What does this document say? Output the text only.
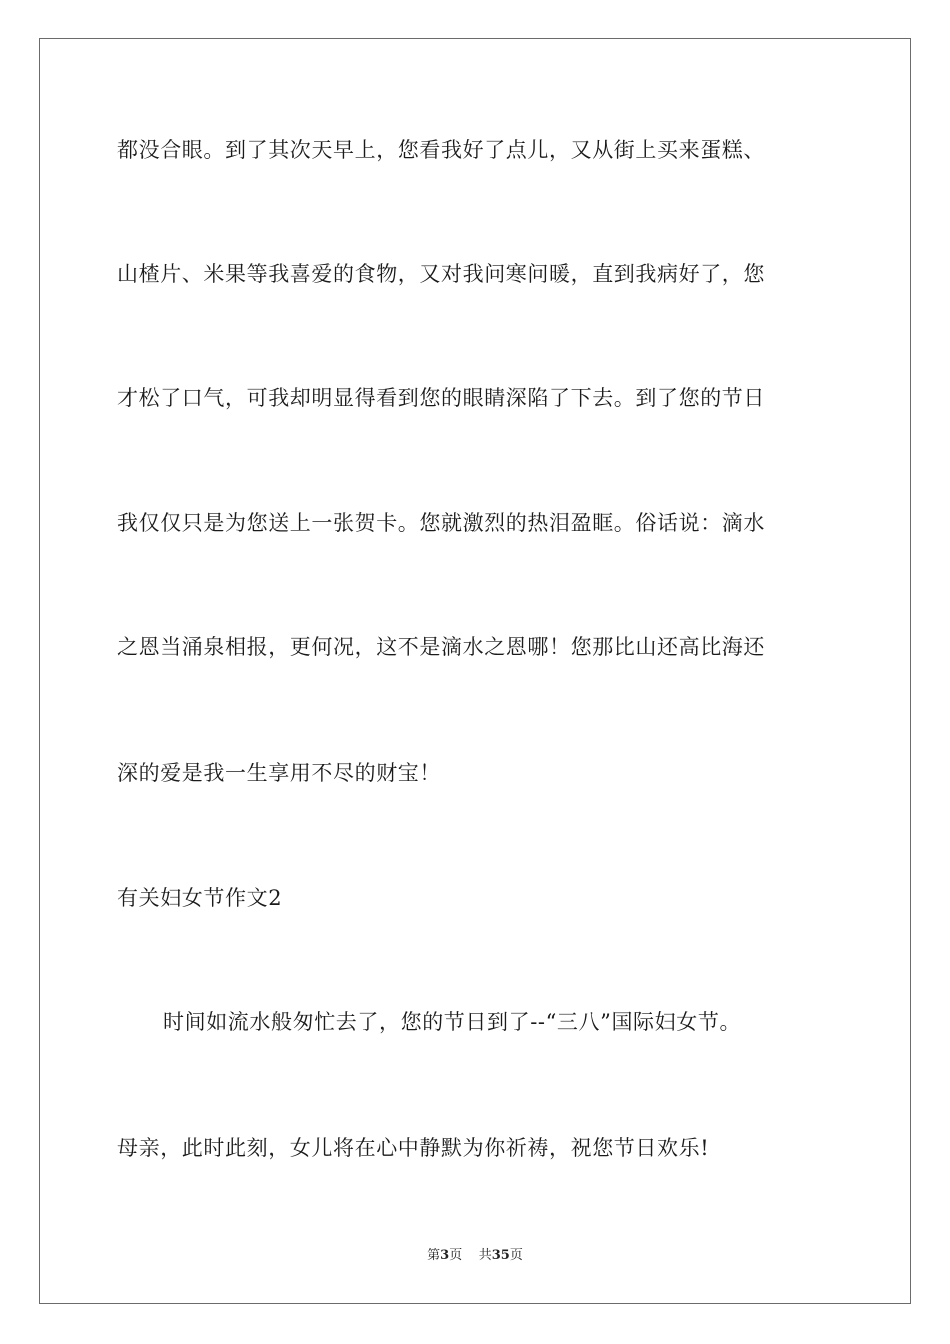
都没合眼。到了其次天早上，您看我好了点儿，又从街上买来蛋糕、
山楂片、米果等我喜爱的食物，又对我问寒问暖，直到我病好了，您
才松了口气，可我却明显得看到您的眼睛深陷了下去。到了您的节日
我仅仅只是为您送上一张贺卡。您就激烈的热泪盈眶。俗话说：滴水
之恩当涌泉相报，更何况，这不是滴水之恩哪！您那比山还高比海还
深的爱是我一生享用不尽的财宝！
有关妇女节作文2
时间如流水般匆忙去了，您的节日到了--“三八”国际妇女节。
母亲，此时此刻，女儿将在心中静默为你祈祷，祝您节日欢乐!
第3页 共35页
